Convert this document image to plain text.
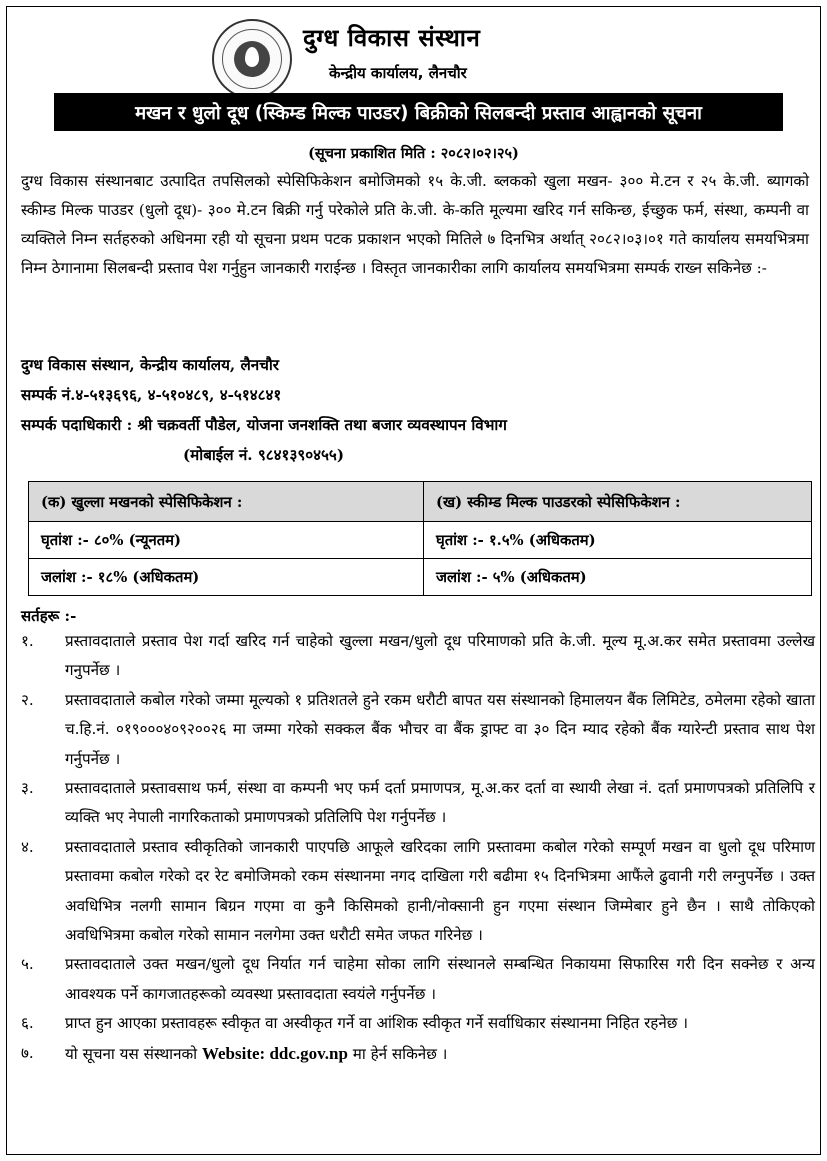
दुग्ध विकास संस्थान
केन्द्रीय कार्यालय, लैनचौर
मखन र धुलो दूध (स्किम्ड मिल्क पाउडर) बिक्रीको सिलबन्दी प्रस्ताव आह्वानको सूचना
(सूचना प्रकाशित मिति : २०८२।०२।२५)

दुग्ध विकास संस्थानबाट उत्पादित तपसिलको स्पेसिफिकेशन बमोजिमको १५ के.जी. ब्लकको खुला मखन- ३०० मे.टन र २५ के.जी. ब्यागको स्कीम्ड मिल्क पाउडर (धुलो दूध)- ३०० मे.टन बिक्री गर्नु परेकोले प्रति के.जी. के-कति मूल्यमा खरिद गर्न सकिन्छ, ईच्छुक फर्म, संस्था, कम्पनी वा व्यक्तिले निम्न सर्तहरुको अधिनमा रही यो सूचना प्रथम पटक प्रकाशन भएको मितिले ७ दिनभित्र अर्थात् २०८२।०३।०१ गते कार्यालय समयभित्रमा निम्न ठेगानामा सिलबन्दी प्रस्ताव पेश गर्नुहुन जानकारी गराईन्छ । विस्तृत जानकारीका लागि कार्यालय समयभित्रमा सम्पर्क राख्न सकिनेछ :-

दुग्ध विकास संस्थान, केन्द्रीय कार्यालय, लैनचौर
सम्पर्क नं.४-५१३६९६, ४-५१०४८९, ४-५१४८४१
सम्पर्क पदाधिकारी : श्री चक्रवर्ती पौडेल, योजना जनशक्ति तथा बजार व्यवस्थापन विभाग
(मोबाईल नं. ९८४१३९०४५५)
(क) खुल्ला मखनको स्पेसिफिकेशन :	(ख) स्कीम्ड मिल्क पाउडरको स्पेसिफिकेशन :
घृतांश :- ८०% (न्यूनतम)	घृतांश :- १.५% (अधिकतम)
जलांश :- १८% (अधिकतम)	जलांश :- ५% (अधिकतम)
सर्तहरू :-
१. प्रस्तावदाताले प्रस्ताव पेश गर्दा खरिद गर्न चाहेको खुल्ला मखन/धुलो दूध परिमाणको प्रति के.जी. मूल्य मू.अ.कर समेत प्रस्तावमा उल्लेख गनुपर्नेछ ।
२. प्रस्तावदाताले कबोल गरेको जम्मा मूल्यको १ प्रतिशतले हुने रकम धरौटी बापत यस संस्थानको हिमालयन बैंक लिमिटेड, ठमेलमा रहेको खाता च.हि.नं. ०१९०००४०९२००२६ मा जम्मा गरेको सक्कल बैंक भौचर वा बैंक ड्राफ्ट वा ३० दिन म्याद रहेको बैंक ग्यारेन्टी प्रस्ताव साथ पेश गर्नुपर्नेछ ।
३. प्रस्तावदाताले प्रस्तावसाथ फर्म, संस्था वा कम्पनी भए फर्म दर्ता प्रमाणपत्र, मू.अ.कर दर्ता वा स्थायी लेखा नं. दर्ता प्रमाणपत्रको प्रतिलिपि र व्यक्ति भए नेपाली नागरिकताको प्रमाणपत्रको प्रतिलिपि पेश गर्नुपर्नेछ ।
४. प्रस्तावदाताले प्रस्ताव स्वीकृतिको जानकारी पाएपछि आफूले खरिदका लागि प्रस्तावमा कबोल गरेको सम्पूर्ण मखन वा धुलो दूध परिमाण प्रस्तावमा कबोल गरेको दर रेट बमोजिमको रकम संस्थानमा नगद दाखिला गरी बढीमा १५ दिनभित्रमा आफैंले ढुवानी गरी लग्नुपर्नेछ । उक्त अवधिभित्र नलगी सामान बिग्रन गएमा वा कुनै किसिमको हानी/नोक्सानी हुन गएमा संस्थान जिम्मेबार हुने छैन । साथै तोकिएको अवधिभित्रमा कबोल गरेको सामान नलगेमा उक्त धरौटी समेत जफत गरिनेछ ।
५. प्रस्तावदाताले उक्त मखन/धुलो दूध निर्यात गर्न चाहेमा सोका लागि संस्थानले सम्बन्धित निकायमा सिफारिस गरी दिन सक्नेछ र अन्य आवश्यक पर्ने कागजातहरूको व्यवस्था प्रस्तावदाता स्वयंले गर्नुपर्नेछ ।
६. प्राप्त हुन आएका प्रस्तावहरू स्वीकृत वा अस्वीकृत गर्ने वा आंशिक स्वीकृत गर्ने सर्वाधिकार संस्थानमा निहित रहनेछ ।
७. यो सूचना यस संस्थानको Website: ddc.gov.np मा हेर्न सकिनेछ ।
